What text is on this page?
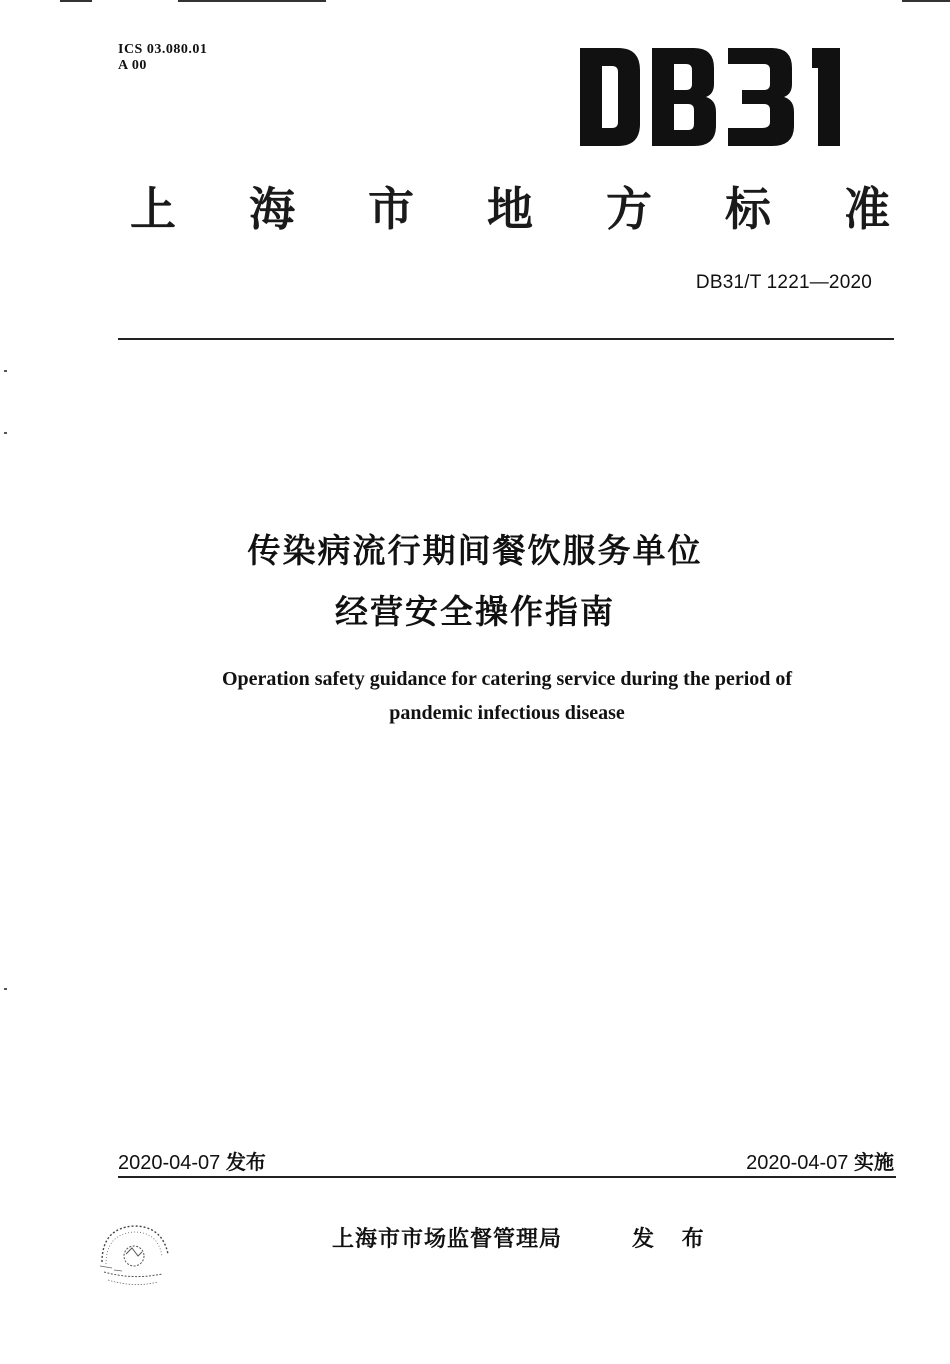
ICS 03.080.01
A 00
上 海 市 地 方 标 准
DB31/T 1221—2020
传染病流行期间餐饮服务单位
经营安全操作指南
Operation safety guidance for catering service during the period of
pandemic infectious disease
2020-04-07 发布	2020-04-07 实施
上海市市场监督管理局	发 布
